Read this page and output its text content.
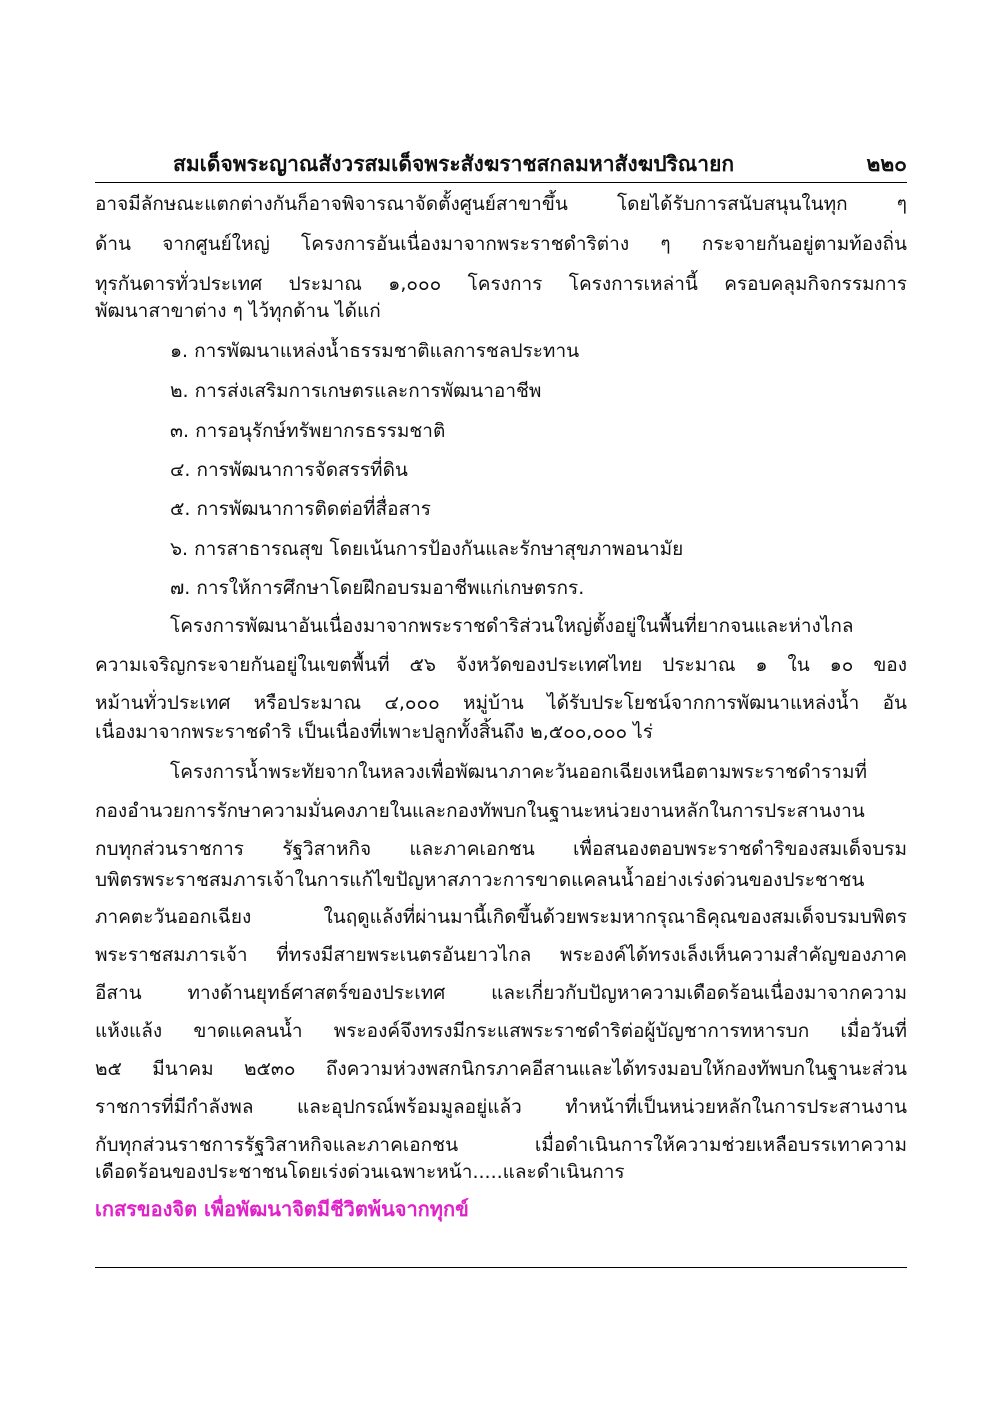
สมเด็จพระญาณสังวรสมเด็จพระสังฆราชสกลมหาสังฆปริณายก	๒๒๐
อาจมีลักษณะแตกต่างกันก็อาจพิจารณาจัดตั้งศูนย์สาขาขึ้น โดยได้รับการสนับสนุนในทุก ๆ
ด้าน จากศูนย์ใหญ่ โครงการอันเนื่องมาจากพระราชดำริต่าง ๆ กระจายกันอยู่ตามท้องถิ่น
ทุรกันดารทั่วประเทศ ประมาณ ๑,๐๐๐ โครงการ โครงการเหล่านี้ ครอบคลุมกิจกรรมการ
พัฒนาสาขาต่าง ๆ ไว้ทุกด้าน ได้แก่
๑. การพัฒนาแหล่งน้ำธรรมชาติแลการชลประทาน
๒. การส่งเสริมการเกษตรและการพัฒนาอาชีพ
๓. การอนุรักษ์ทรัพยากรธรรมชาติ
๔. การพัฒนาการจัดสรรที่ดิน
๕. การพัฒนาการติดต่อที่สื่อสาร
๖. การสาธารณสุข โดยเน้นการป้องกันและรักษาสุขภาพอนามัย
๗. การให้การศึกษาโดยฝึกอบรมอาชีพแก่เกษตรกร.
โครงการพัฒนาอันเนื่องมาจากพระราชดำริส่วนใหญ่ตั้งอยู่ในพื้นที่ยากจนและห่างไกล
ความเจริญกระจายกันอยู่ในเขตพื้นที่ ๕๖ จังหวัดของประเทศไทย ประมาณ ๑ ใน ๑๐ ของ
หม้านทั่วประเทศ หรือประมาณ ๔,๐๐๐ หมู่บ้าน ได้รับประโยชน์จากการพัฒนาแหล่งน้ำ อัน
เนื่องมาจากพระราชดำริ เป็นเนื่องที่เพาะปลูกทั้งสิ้นถึง ๒,๕๐๐,๐๐๐ ไร่
โครงการน้ำพระทัยจากในหลวงเพื่อพัฒนาภาคะวันออกเฉียงเหนือตามพระราชดำรามที่
กองอำนวยการรักษาความมั่นคงภายในและกองทัพบกในฐานะหน่วยงานหลักในการประสานงาน
กบทุกส่วนราชการ รัฐวิสาหกิจ และภาคเอกชน เพื่อสนองตอบพระราชดำริของสมเด็จบรม
บพิตรพระราชสมภารเจ้าในการแก้ไขปัญหาสภาวะการขาดแคลนน้ำอย่างเร่งด่วนของประชาชน
ภาคตะวันออกเฉียง ในฤดูแล้งที่ผ่านมานี้เกิดขึ้นด้วยพระมหากรุณาธิคุณของสมเด็จบรมบพิตร
พระราชสมภารเจ้า ที่ทรงมีสายพระเนตรอันยาวไกล พระองค์ได้ทรงเล็งเห็นความสำคัญของภาค
อีสาน ทางด้านยุทธ์ศาสตร์ของประเทศ และเกี่ยวกับปัญหาความเดือดร้อนเนื่องมาจากความ
แห้งแล้ง ขาดแคลนน้ำ พระองค์จึงทรงมีกระแสพระราชดำริต่อผู้บัญชาการทหารบก เมื่อวันที่
๒๕ มีนาคม ๒๕๓๐ ถึงความห่วงพสกนิกรภาคอีสานและได้ทรงมอบให้กองทัพบกในฐานะส่วน
ราชการที่มีกำลังพล และอุปกรณ์พร้อมมูลอยู่แล้ว ทำหน้าที่เป็นหน่วยหลักในการประสานงาน
กับทุกส่วนราชการรัฐวิสาหกิจและภาคเอกชน เมื่อดำเนินการให้ความช่วยเหลือบรรเทาความ
เดือดร้อนของประชาชนโดยเร่งด่วนเฉพาะหน้า.....และดำเนินการ
เกสรของจิต เพื่อพัฒนาจิตมีชีวิตพ้นจากทุกข์
